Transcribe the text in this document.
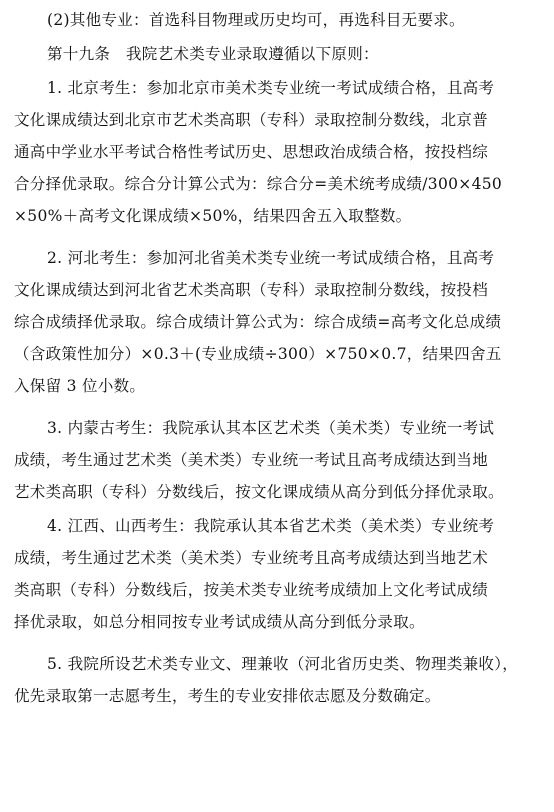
(2)其他专业：首选科目物理或历史均可，再选科目无要求。
第十九条　我院艺术类专业录取遵循以下原则：
1. 北京考生：参加北京市美术类专业统一考试成绩合格，且高考
文化课成绩达到北京市艺术类高职（专科）录取控制分数线，北京普
通高中学业水平考试合格性考试历史、思想政治成绩合格，按投档综
合分择优录取。综合分计算公式为：综合分=美术统考成绩/300×450
×50%＋高考文化课成绩×50%，结果四舍五入取整数。
2. 河北考生：参加河北省美术类专业统一考试成绩合格，且高考
文化课成绩达到河北省艺术类高职（专科）录取控制分数线，按投档
综合成绩择优录取。综合成绩计算公式为：综合成绩=高考文化总成绩
（含政策性加分）×0.3＋(专业成绩÷300）×750×0.7，结果四舍五
入保留 3 位小数。
3. 内蒙古考生：我院承认其本区艺术类（美术类）专业统一考试
成绩，考生通过艺术类（美术类）专业统一考试且高考成绩达到当地
艺术类高职（专科）分数线后，按文化课成绩从高分到低分择优录取。
4. 江西、山西考生：我院承认其本省艺术类（美术类）专业统考
成绩，考生通过艺术类（美术类）专业统考且高考成绩达到当地艺术
类高职（专科）分数线后，按美术类专业统考成绩加上文化考试成绩
择优录取，如总分相同按专业考试成绩从高分到低分录取。
5. 我院所设艺术类专业文、理兼收（河北省历史类、物理类兼收），
优先录取第一志愿考生，考生的专业安排依志愿及分数确定。
